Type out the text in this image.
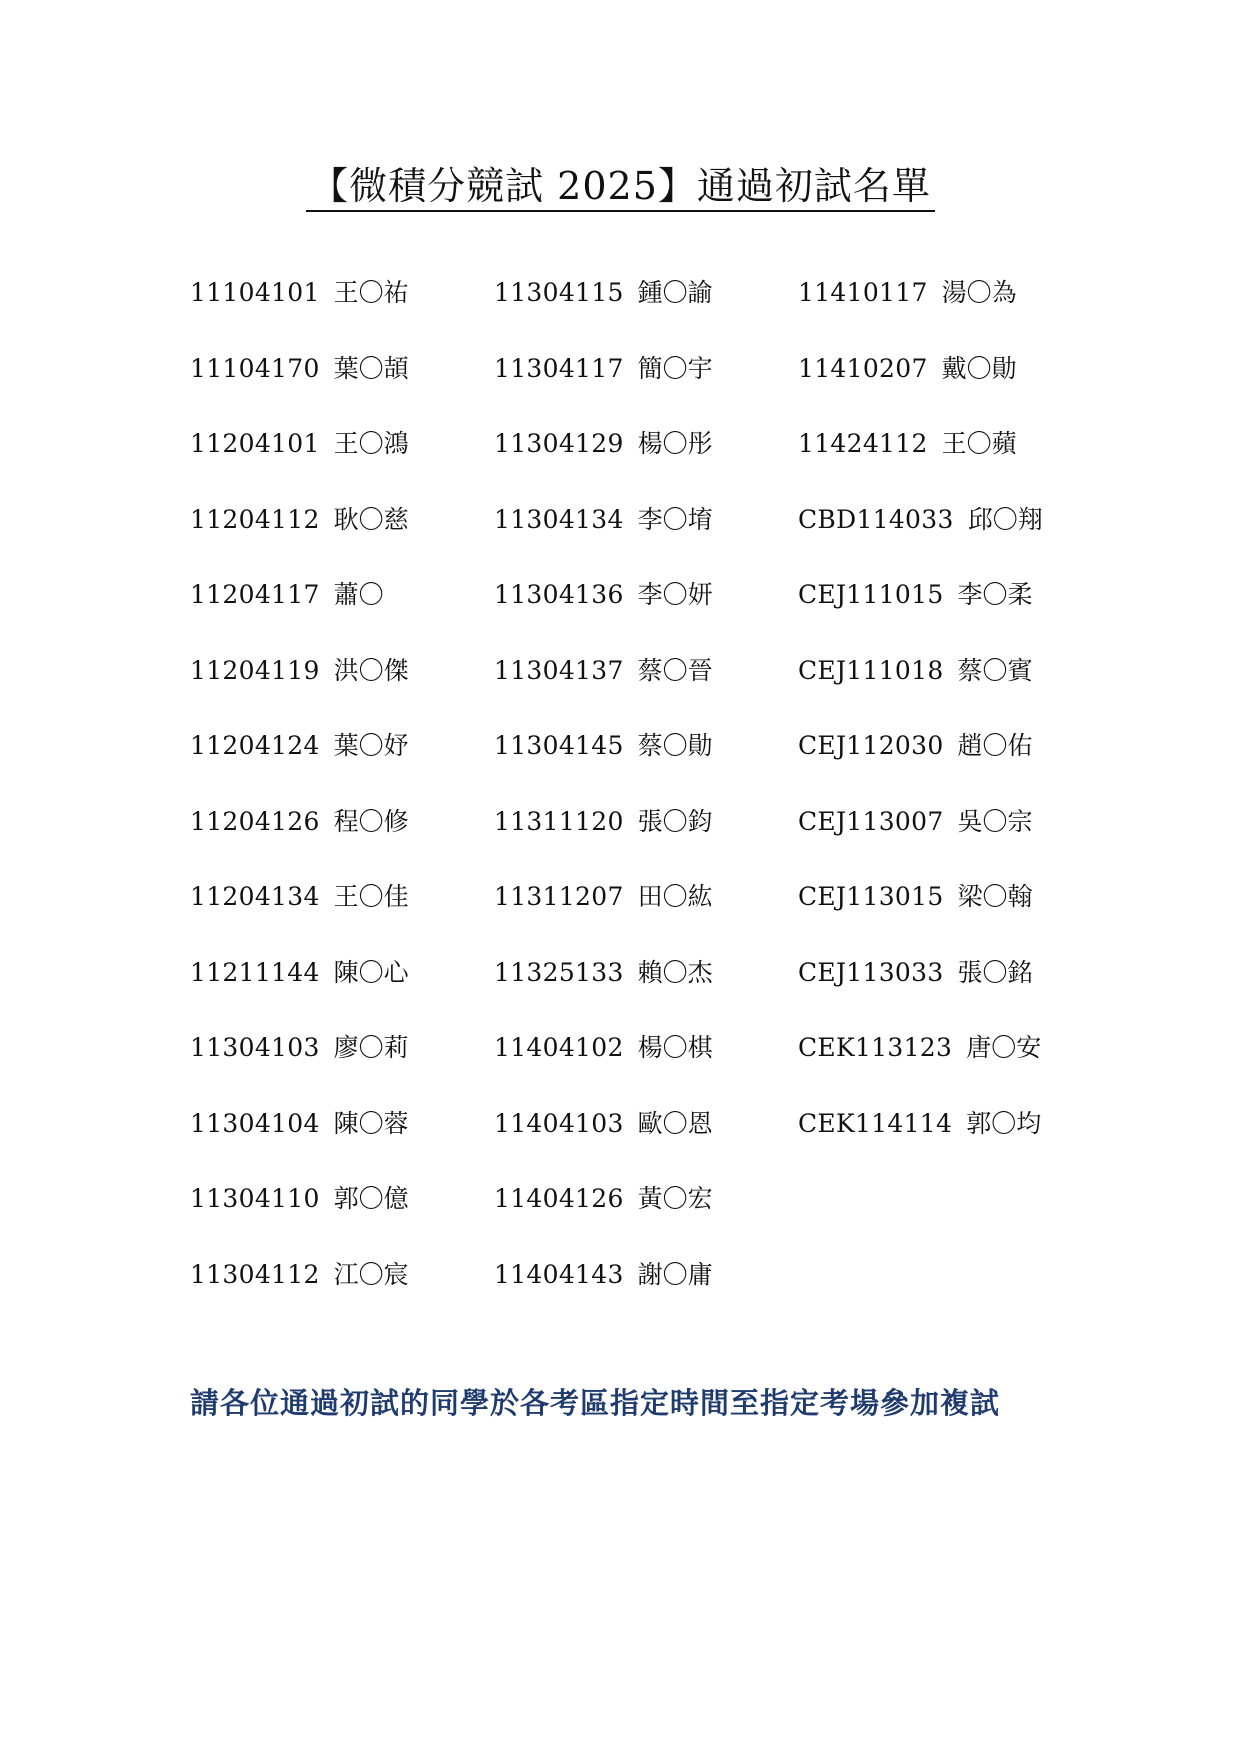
【微積分競試 2025】通過初試名單
11104101 王〇祐
11104170 葉〇頡
11204101 王〇鴻
11204112 耿〇慈
11204117 蕭〇
11204119 洪〇傑
11204124 葉〇妤
11204126 程〇修
11204134 王〇佳
11211144 陳〇心
11304103 廖〇莉
11304104 陳〇蓉
11304110 郭〇億
11304112 江〇宸
11304115 鍾〇諭
11304117 簡〇宇
11304129 楊〇彤
11304134 李〇堉
11304136 李〇妍
11304137 蔡〇晉
11304145 蔡〇勛
11311120 張〇鈞
11311207 田〇紘
11325133 賴〇杰
11404102 楊〇棋
11404103 歐〇恩
11404126 黃〇宏
11404143 謝〇庸
11410117 湯〇為
11410207 戴〇勛
11424112 王〇蘋
CBD114033 邱〇翔
CEJ111015 李〇柔
CEJ111018 蔡〇賓
CEJ112030 趙〇佑
CEJ113007 吳〇宗
CEJ113015 梁〇翰
CEJ113033 張〇銘
CEK113123 唐〇安
CEK114114 郭〇均
請各位通過初試的同學於各考區指定時間至指定考場參加複試
